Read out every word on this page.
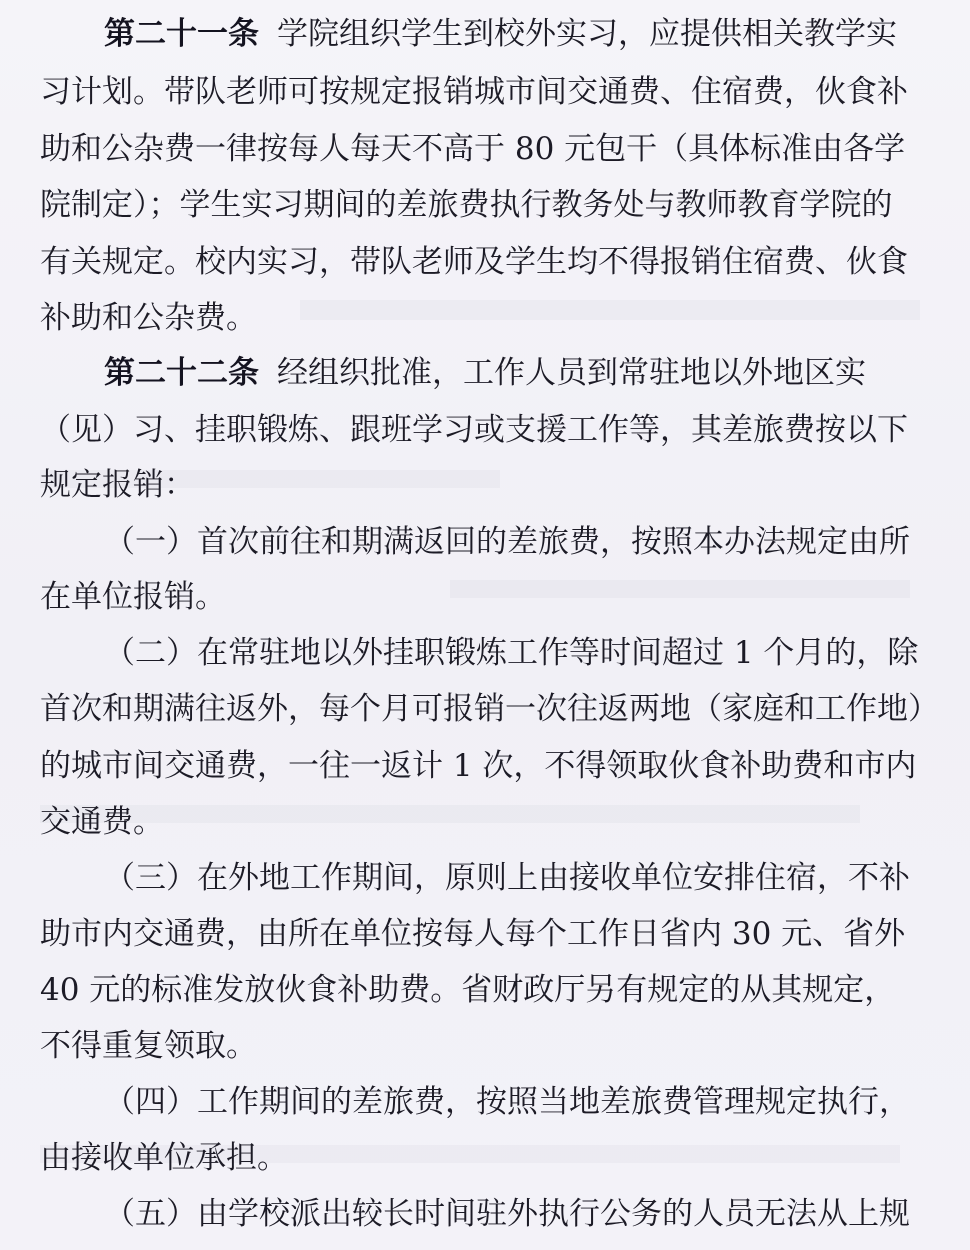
第二十一条 学院组织学生到校外实习，应提供相关教学实
习计划。带队老师可按规定报销城市间交通费、住宿费，伙食补
助和公杂费一律按每人每天不高于 80 元包干（具体标准由各学
院制定）；学生实习期间的差旅费执行教务处与教师教育学院的
有关规定。校内实习，带队老师及学生均不得报销住宿费、伙食
补助和公杂费。
第二十二条 经组织批准，工作人员到常驻地以外地区实
（见）习、挂职锻炼、跟班学习或支援工作等，其差旅费按以下
规定报销：
（一）首次前往和期满返回的差旅费，按照本办法规定由所
在单位报销。
（二）在常驻地以外挂职锻炼工作等时间超过 1 个月的，除
首次和期满往返外，每个月可报销一次往返两地（家庭和工作地）
的城市间交通费，一往一返计 1 次，不得领取伙食补助费和市内
交通费。
（三）在外地工作期间，原则上由接收单位安排住宿，不补
助市内交通费，由所在单位按每人每个工作日省内 30 元、省外
40 元的标准发放伙食补助费。省财政厅另有规定的从其规定，
不得重复领取。
（四）工作期间的差旅费，按照当地差旅费管理规定执行，
由接收单位承担。
（五）由学校派出较长时间驻外执行公务的人员无法从上规
